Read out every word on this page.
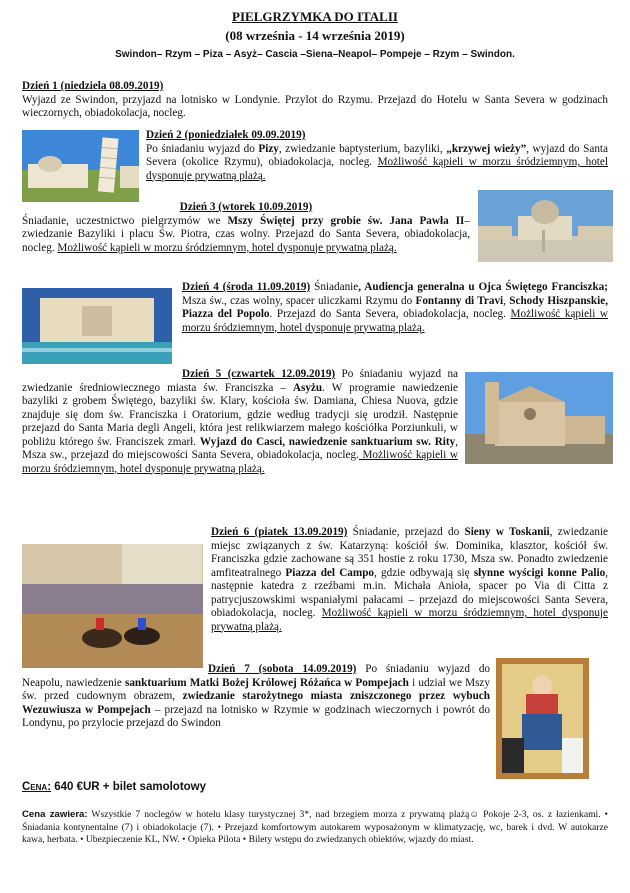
PIELGRZYMKA DO ITALII
(08 września - 14 września 2019)
Swindon– Rzym – Piza – Asyż– Cascia –Siena–Neapol– Pompeje – Rzym – Swindon.
Dzień 1 (niedziela 08.09.2019)
Wyjazd ze Swindon, przyjazd na lotnisko w Londynie. Przylot do Rzymu. Przejazd do Hotelu w Santa Severa w godzinach wieczornych, obiadokolacja, nocleg.
Dzień 2 (poniedziałek 09.09.2019)
Po śniadaniu wyjazd do Pizy, zwiedzanie baptysterium, bazyliki, „krzywej wieży”, wyjazd do Santa Severa (okolice Rzymu), obiadokolacja, nocleg. Możliwość kąpieli w morzu śródziemnym, hotel dysponuje prywatną plażą.
Dzień 3 (wtorek 10.09.2019)
Śniadanie, uczestnictwo pielgrzymów we Mszy Świętej przy grobie św. Jana Pawła II– zwiedzanie Bazyliki i placu Św. Piotra, czas wolny. Przejazd do Santa Severa, obiadokolacja, nocleg. Możliwość kąpieli w morzu śródziemnym, hotel dysponuje prywatną plażą.
Dzień 4 (środa 11.09.2019) Śniadanie, Audiencja generalna u Ojca Świętego Franciszka; Msza św., czas wolny, spacer uliczkami Rzymu do Fontanny di Travi, Schody Hiszpanskie, Piazza del Popolo. Przejazd do Santa Severa, obiadokolacja, nocleg. Możliwość kąpieli w morzu śródziemnym, hotel dysponuje prywatną plażą.
Dzień 5 (czwartek 12.09.2019) Po śniadaniu wyjazd na zwiedzanie średniowiecznego miasta św. Franciszka – Asyżu. W programie nawiedzenie bazyliki z grobem Świętego, bazyliki św. Klary, kościoła św. Damiana, Chiesa Nuova, gdzie znajduje się dom św. Franciszka i Oratorium, gdzie według tradycji się urodził. Następnie przejazd do Santa Maria degli Angeli, która jest relikwiarzem małego kościółka Porziunkuli, w pobliżu którego św. Franciszek zmarł. Wyjazd do Casci, nawiedzenie sanktuarium sw. Rity, Msza sw., przejazd do miejscowości Santa Severa, obiadokolacja, nocleg. Możliwość kąpieli w morzu śródziemnym, hotel dysponuje prywatną plażą.
Dzień 6 (piatek 13.09.2019)
Śniadanie, przejazd do Sieny w Toskanii, zwiedzanie miejsc związanych z św. Katarzyną: kościół św. Dominika, klasztor, kościół św. Franciszka gdzie zachowane są 351 hostie z roku 1730, Msza sw. Ponadto zwiedzenie amfiteatralnego Piazza del Campo, gdzie odbywają się słynne wyścigi konne Palio, następnie katedra z rzeźbami m.in. Michała Anioła, spacer po Via di Citta z patrycjuszowskimi wspaniałymi pałacami – przejazd do miejscowości Santa Severa, obiadokolacja, nocleg. Możliwość kąpieli w morzu śródziemnym, hotel dysponuje prywatną plażą.
Dzień 7 (sobota 14.09.2019) Po śniadaniu wyjazd do Neapolu, nawiedzenie sanktuarium Matki Bożej Królowej Różańca w Pompejach i udział we Mszy św. przed cudownym obrazem, zwiedzanie starożytnego miasta zniszczonego przez wybuch Wezuwiusza w Pompejach – przejazd na lotnisko w Rzymie w godzinach wieczornych i powrót do Londynu, po przylocie przejazd do Swindon
Cena: 640 €UR + bilet samolotowy
Cena zawiera: Wszystkie 7 noclegów w hotelu klasy turystycznej 3*, nad brzegiem morza z prywatną plażą☺ Pokoje 2-3, os. z łazienkami. • Śniadania kontynentalne (7) i obiadokolacje (7). • Przejazd komfortowym autokarem wyposażonym w klimatyzację, wc, barek i dvd. W autokarze kawa, herbata. • Ubezpieczenie KL, NW. • Opieka Pilota • Bilety wstępu do zwiedzanych obiektów, wjazdy do miast.
